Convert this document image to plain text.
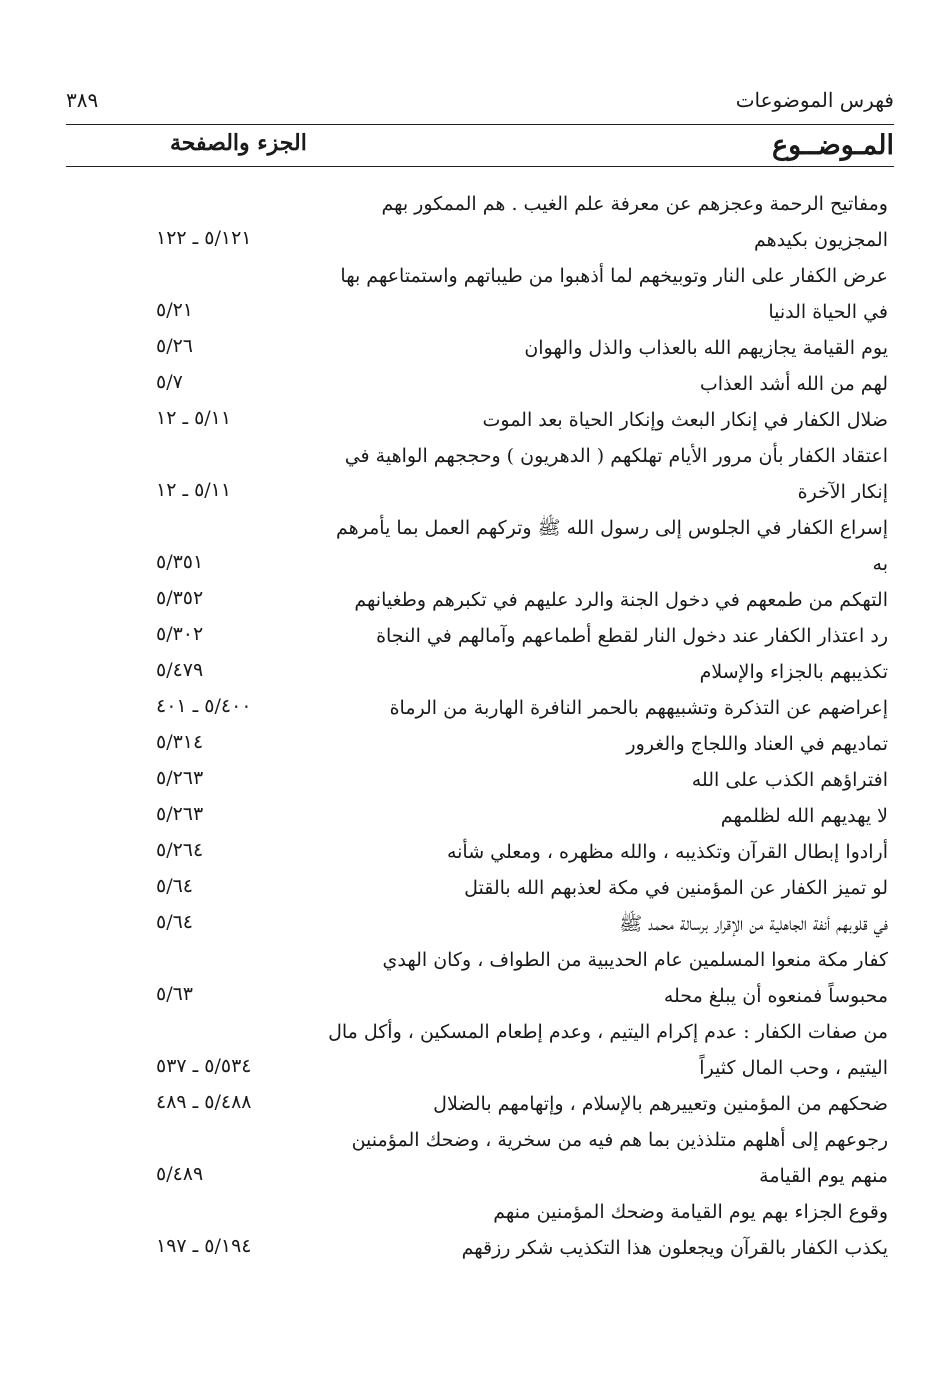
فهرس الموضوعات
٣٨٩
المـوضــوع
الجزء والصفحة
ومفاتيح الرحمة وعجزهم عن معرفة علم الغيب . هم الممكور بهم المجزيون بكيدهم
٥/١٢١ ـ ١٢٢
عرض الكفار على النار وتوبيخهم لما أذهبوا من طيباتهم واستمتاعهم بها في الحياة الدنيا
٥/٢١
يوم القيامة يجازيهم الله بالعذاب والذل والهوان
٥/٢٦
لهم من الله أشد العذاب
٥/٧
ضلال الكفار في إنكار البعث وإنكار الحياة بعد الموت
٥/١١ ـ ١٢
اعتقاد الكفار بأن مرور الأيام تهلكهم ( الدهريون ) وحججهم الواهية في إنكار الآخرة
٥/١١ ـ ١٢
إسراع الكفار في الجلوس إلى رسول الله ﷺ وتركهم العمل بما يأمرهم به
٥/٣٥١
التهكم من طمعهم في دخول الجنة والرد عليهم في تكبرهم وطغيانهم
٥/٣٥٢
رد اعتذار الكفار عند دخول النار لقطع أطماعهم وآمالهم في النجاة
٥/٣٠٢
تكذيبهم بالجزاء والإسلام
٥/٤٧٩
إعراضهم عن التذكرة وتشبيههم بالحمر النافرة الهاربة من الرماة
٥/٤٠٠ ـ ٤٠١
تماديهم في العناد واللجاج والغرور
٥/٣١٤
افتراؤهم الكذب على الله
٥/٢٦٣
لا يهديهم الله لظلمهم
٥/٢٦٣
أرادوا إبطال القرآن وتكذيبه ، والله مظهره ، ومعلي شأنه
٥/٢٦٤
لو تميز الكفار عن المؤمنين في مكة لعذبهم الله بالقتل
٥/٦٤
في قلوبهم أنفة الجاهلية من الإقرار برسالة محمد ﷺ
٥/٦٤
كفار مكة منعوا المسلمين عام الحديبية من الطواف ، وكان الهدي محبوساً فمنعوه أن يبلغ محله
٥/٦٣
من صفات الكفار : عدم إكرام اليتيم ، وعدم إطعام المسكين ، وأكل مال اليتيم ، وحب المال كثيراً
٥/٥٣٤ ـ ٥٣٧
ضحكهم من المؤمنين وتعييرهم بالإسلام ، وإتهامهم بالضلال
٥/٤٨٨ ـ ٤٨٩
رجوعهم إلى أهلهم متلذذين بما هم فيه من سخرية ، وضحك المؤمنين منهم يوم القيامة
٥/٤٨٩
وقوع الجزاء بهم يوم القيامة وضحك المؤمنين منهم
يكذب الكفار بالقرآن ويجعلون هذا التكذيب شكر رزقهم
٥/١٩٤ ـ ١٩٧
